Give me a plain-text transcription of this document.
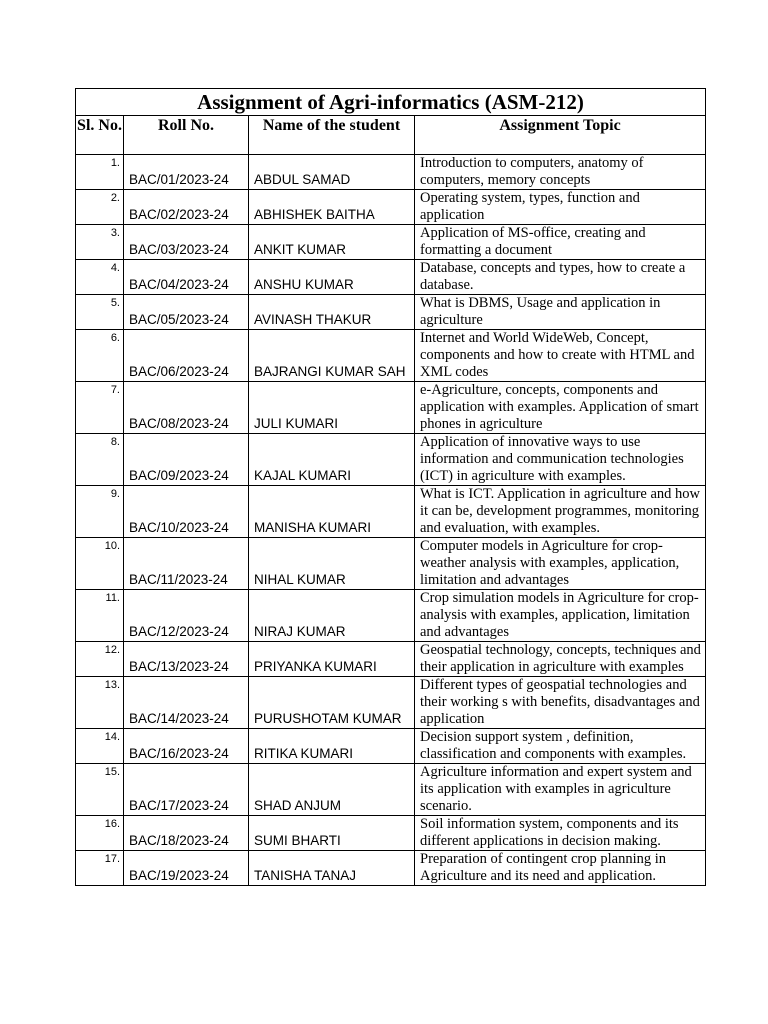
Assignment of Agri-informatics (ASM-212)			
Sl. No.	Roll No.	Name of the student	Assignment Topic
1.	BAC/01/2023-24	ABDUL SAMAD	Introduction to computers, anatomy of computers, memory concepts
2.	BAC/02/2023-24	ABHISHEK BAITHA	Operating system, types, function and application
3.	BAC/03/2023-24	ANKIT KUMAR	Application of MS-office, creating and formatting a document
4.	BAC/04/2023-24	ANSHU KUMAR	Database, concepts and types, how to create a database.
5.	BAC/05/2023-24	AVINASH THAKUR	What is DBMS, Usage and application in agriculture
6.	BAC/06/2023-24	BAJRANGI KUMAR SAH	Internet and World WideWeb, Concept, components and how to create with HTML and XML codes
7.	BAC/08/2023-24	JULI KUMARI	e-Agriculture, concepts, components and application with examples. Application of smart phones in agriculture
8.	BAC/09/2023-24	KAJAL KUMARI	Application of innovative ways to use information and communication technologies (ICT) in agriculture with examples.
9.	BAC/10/2023-24	MANISHA KUMARI	What is ICT. Application in agriculture and how it can be, development programmes, monitoring and evaluation, with examples.
10.	BAC/11/2023-24	NIHAL KUMAR	Computer models in Agriculture for crop-weather analysis with examples, application, limitation and advantages
11.	BAC/12/2023-24	NIRAJ KUMAR	Crop simulation models in Agriculture for crop- analysis with examples, application, limitation and advantages
12.	BAC/13/2023-24	PRIYANKA KUMARI	Geospatial technology, concepts, techniques and their application in agriculture with examples
13.	BAC/14/2023-24	PURUSHOTAM KUMAR	Different types of geospatial technologies and their working s with benefits, disadvantages and application
14.	BAC/16/2023-24	RITIKA KUMARI	Decision support system , definition, classification and components with examples.
15.	BAC/17/2023-24	SHAD ANJUM	Agriculture information and expert system and its application with examples in agriculture scenario.
16.	BAC/18/2023-24	SUMI BHARTI	Soil information system, components and its different applications in decision making.
17.	BAC/19/2023-24	TANISHA TANAJ	Preparation of contingent crop planning in Agriculture and its need and application.
